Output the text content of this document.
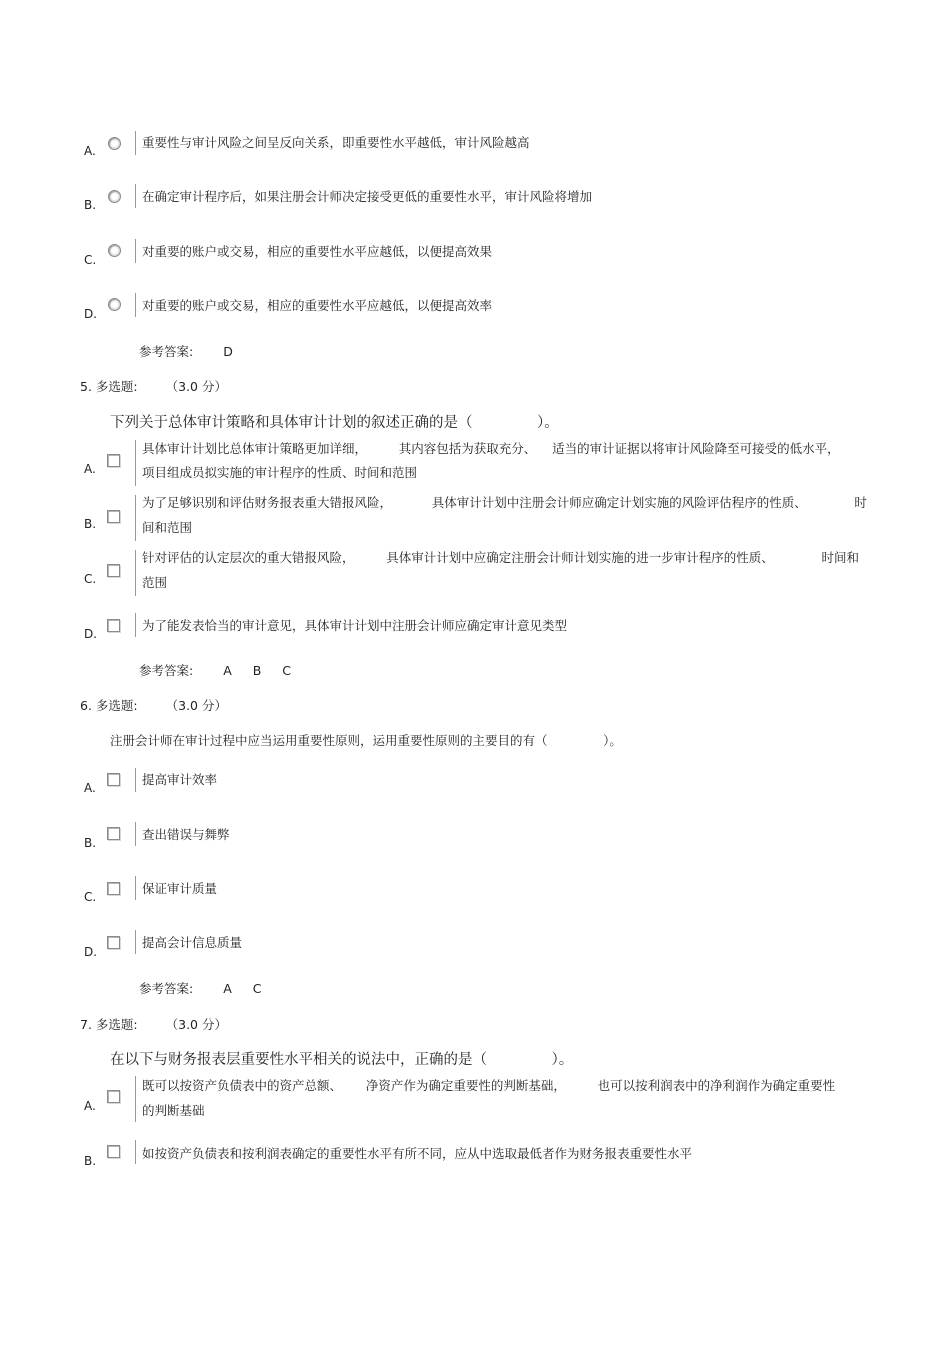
A.
重要性与审计风险之间呈反向关系，即重要性水平越低，审计风险越高
B.
在确定审计程序后，如果注册会计师决定接受更低的重要性水平，审计风险将增加
C.
对重要的账户或交易，相应的重要性水平应越低，以便提高效果
D.
对重要的账户或交易，相应的重要性水平应越低，以便提高效率
参考答案: D
5. 多选题: （3.0 分）
下列关于总体审计策略和具体审计计划的叙述正确的是（              ）。
A.
具体审计计划比总体审计策略更加详细，        其内容包括为获取充分、    适当的审计证据以将审计风险降至可接受的低水平，
项目组成员拟实施的审计程序的性质、时间和范围
B.
为了足够识别和评估财务报表重大错报风险，          具体审计计划中注册会计师应确定计划实施的风险评估程序的性质、            时
间和范围
C.
针对评估的认定层次的重大错报风险，        具体审计计划中应确定注册会计师计划实施的进一步审计程序的性质、            时间和
范围
D.
为了能发表恰当的审计意见，具体审计计划中注册会计师应确定审计意见类型
参考答案: A B C
6. 多选题: （3.0 分）
注册会计师在审计过程中应当运用重要性原则，运用重要性原则的主要目的有（              ）。
A.
提高审计效率
B.
查出错误与舞弊
C.
保证审计质量
D.
提高会计信息质量
参考答案: A C
7. 多选题: （3.0 分）
在以下与财务报表层重要性水平相关的说法中，正确的是（              ）。
A.
既可以按资产负债表中的资产总额、      净资产作为确定重要性的判断基础，        也可以按利润表中的净利润作为确定重要性
的判断基础
B.	如按资产负债表和按利润表确定的重要性水平有所不同，应从中选取最低者作为财务报表重要性水平
